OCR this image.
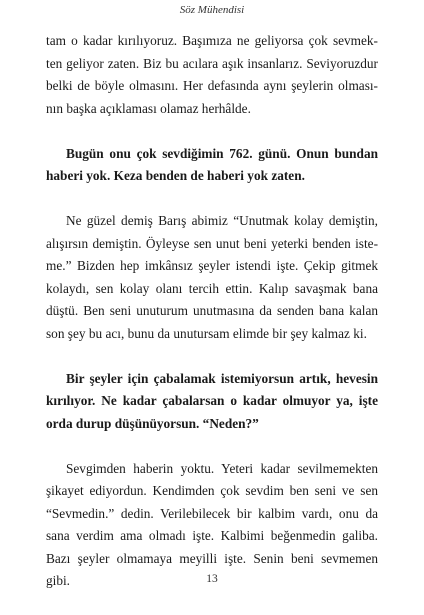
Söz Mühendisi
tam o kadar kırılıyoruz. Başımıza ne geliyorsa çok sevmek-
ten geliyor zaten. Biz bu acılara aşık insanlarız. Seviyoruzdur
belki de böyle olmasını. Her defasında aynı şeylerin olması-
nın başka açıklaması olamaz herhâlde.
Bugün onu çok sevdiğimin 762. günü. Onun bundan
haberi yok. Keza benden de haberi yok zaten.
Ne güzel demiş Barış abimiz “Unutmak kolay demiştin,
alışırsın demiştin. Öyleyse sen unut beni yeterki benden iste-
me.” Bizden hep imkânsız şeyler istendi işte. Çekip gitmek
kolaydı, sen kolay olanı tercih ettin. Kalıp savaşmak bana
düştü. Ben seni unuturum unutmasına da senden bana kalan
son şey bu acı, bunu da unutursam elimde bir şey kalmaz ki.
Bir şeyler için çabalamak istemiyorsun artık, hevesin
kırılıyor. Ne kadar çabalarsan o kadar olmuyor ya, işte
orda durup düşünüyorsun. “Neden?”
Sevgimden haberin yoktu. Yeteri kadar sevilmemekten
şikayet ediyordun. Kendimden çok sevdim ben seni ve sen
“Sevmedin.” dedin. Verilebilecek bir kalbim vardı, onu da
sana verdim ama olmadı işte. Kalbimi beğenmedin galiba.
Bazı şeyler olmamaya meyilli işte. Senin beni sevmemen
gibi.	13
